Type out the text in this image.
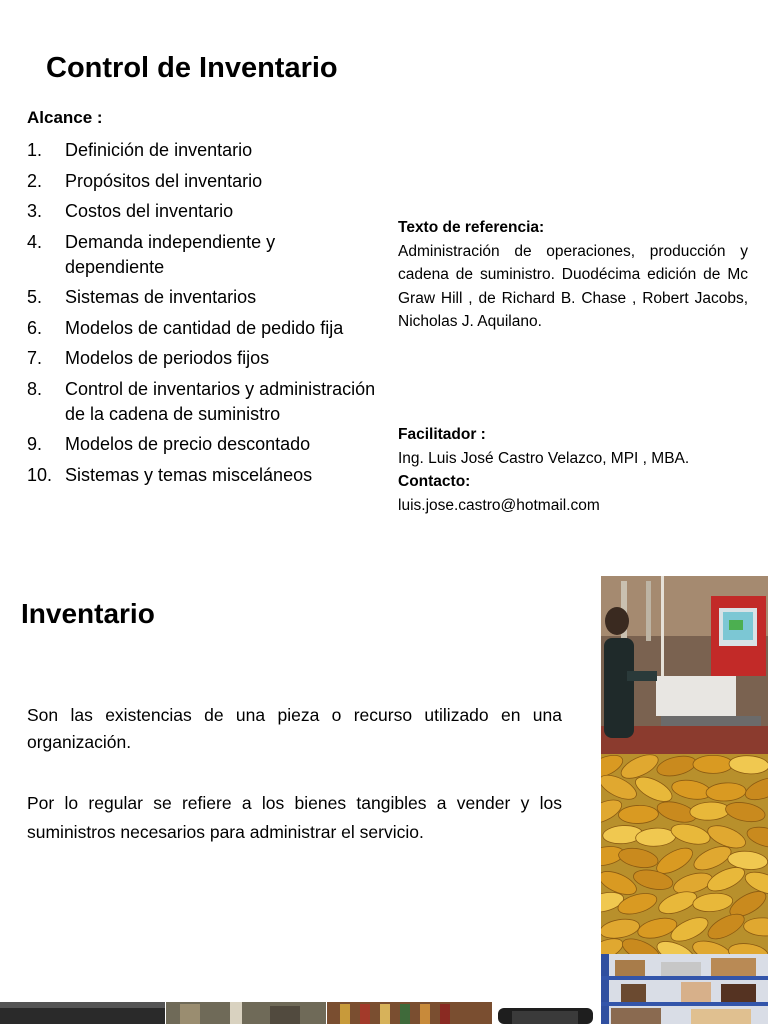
Control de Inventario
Alcance :
1. Definición de inventario
2. Propósitos del inventario
3. Costos del inventario
4. Demanda independiente y dependiente
5. Sistemas de inventarios
6. Modelos de cantidad de pedido fija
7. Modelos de periodos fijos
8. Control de inventarios y administración de la cadena de suministro
9. Modelos de precio descontado
10. Sistemas y temas misceláneos
Texto de referencia:
Administración de operaciones, producción y cadena de suministro. Duodécima edición de Mc Graw Hill , de Richard B. Chase , Robert Jacobs, Nicholas J. Aquilano.
Facilitador :
Ing. Luis José Castro Velazco, MPI , MBA.
Contacto:
luis.jose.castro@hotmail.com
Inventario
Son las existencias de una pieza o recurso utilizado en una organización.
Por lo regular se refiere a los bienes tangibles a vender y los suministros necesarios para administrar el servicio.
